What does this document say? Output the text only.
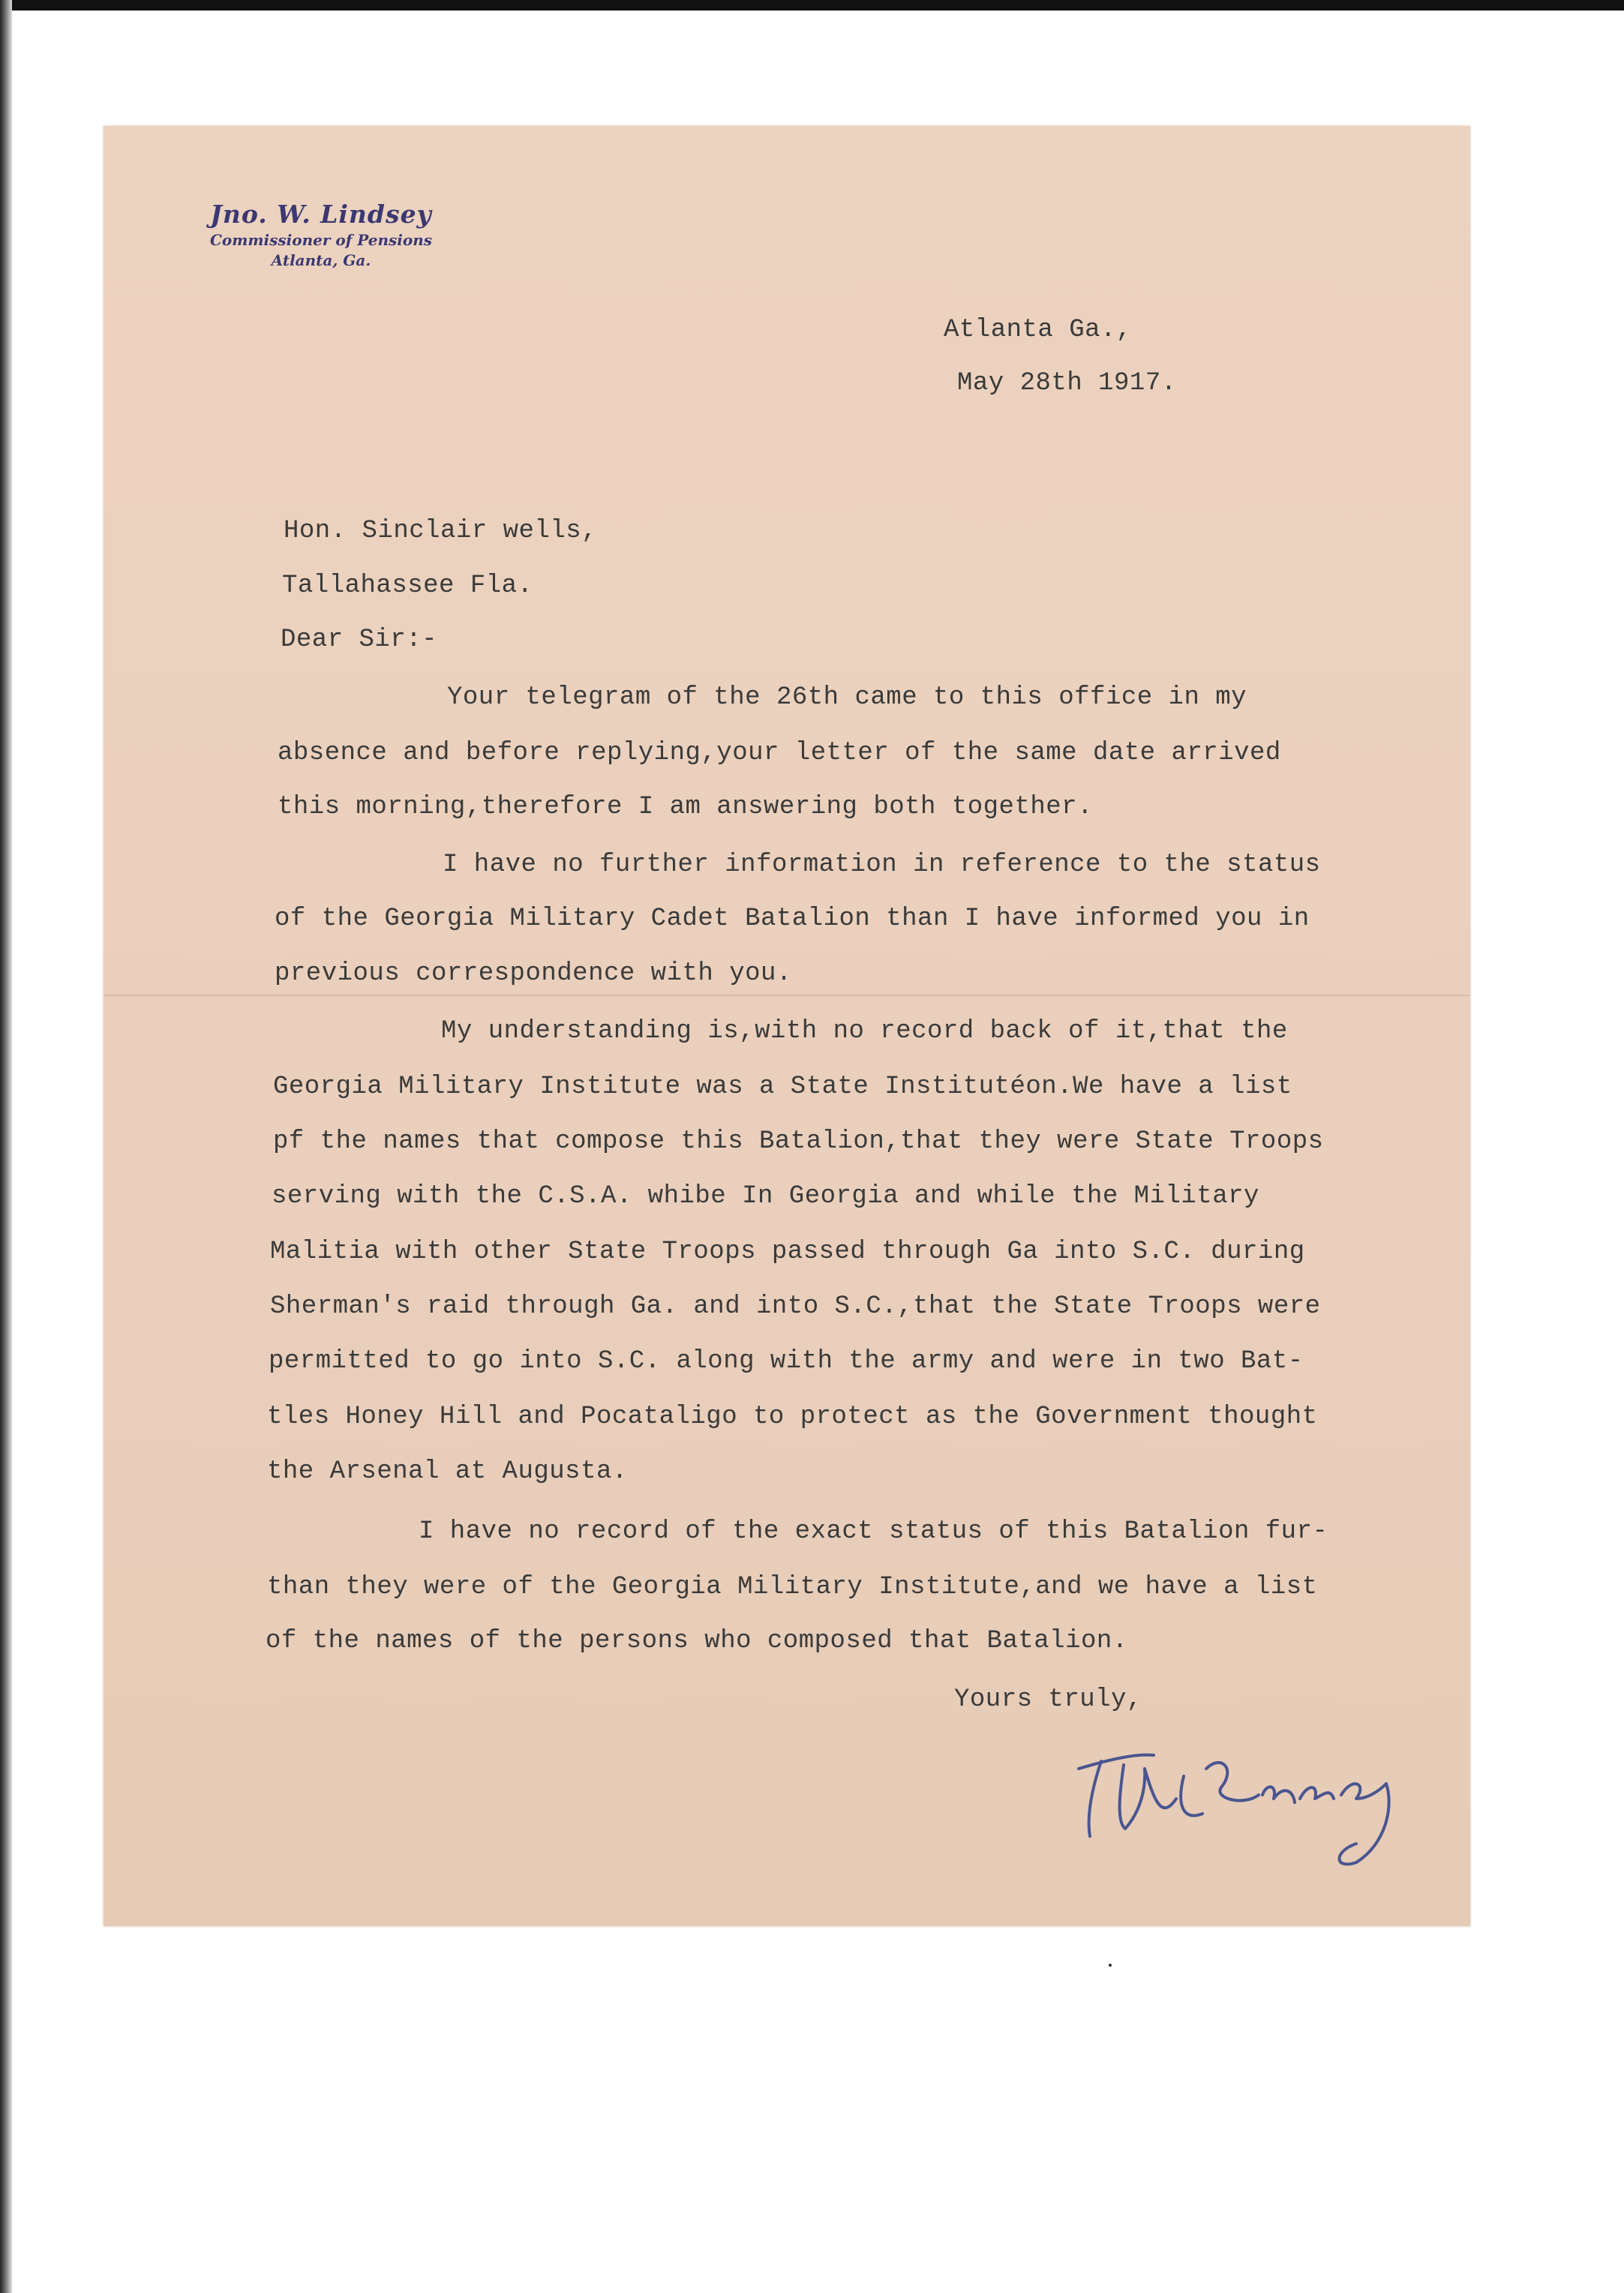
Jno. W. Lindsey
Commissioner of Pensions
Atlanta, Ga.
Atlanta Ga.,
May 28th 1917.
Hon. Sinclair wells,
Tallahassee Fla.
Dear Sir:-
Your telegram of the 26th came to this office in my
absence and before replying,your letter of the same date arrived
this morning,therefore I am answering both together.
I have no further information in reference to the status
of the Georgia Military Cadet Batalion than I have informed you in
previous correspondence with you.
My understanding is,with no record back of it,that the
Georgia Military Institute was a State Institutéon.We have a list
pf the names that compose this Batalion,that they were State Troops
serving with the C.S.A. whibe In Georgia and while the Military
Malitia with other State Troops passed through Ga into S.C. during
Sherman's raid through Ga. and into S.C.,that the State Troops were
permitted to go into S.C. along with the army and were in two Bat-
tles Honey Hill and Pocataligo to protect as the Government thought
the Arsenal at Augusta.
I have no record of the exact status of this Batalion fur-
than they were of the Georgia Military Institute,and we have a list
of the names of the persons who composed that Batalion.
Yours truly,
